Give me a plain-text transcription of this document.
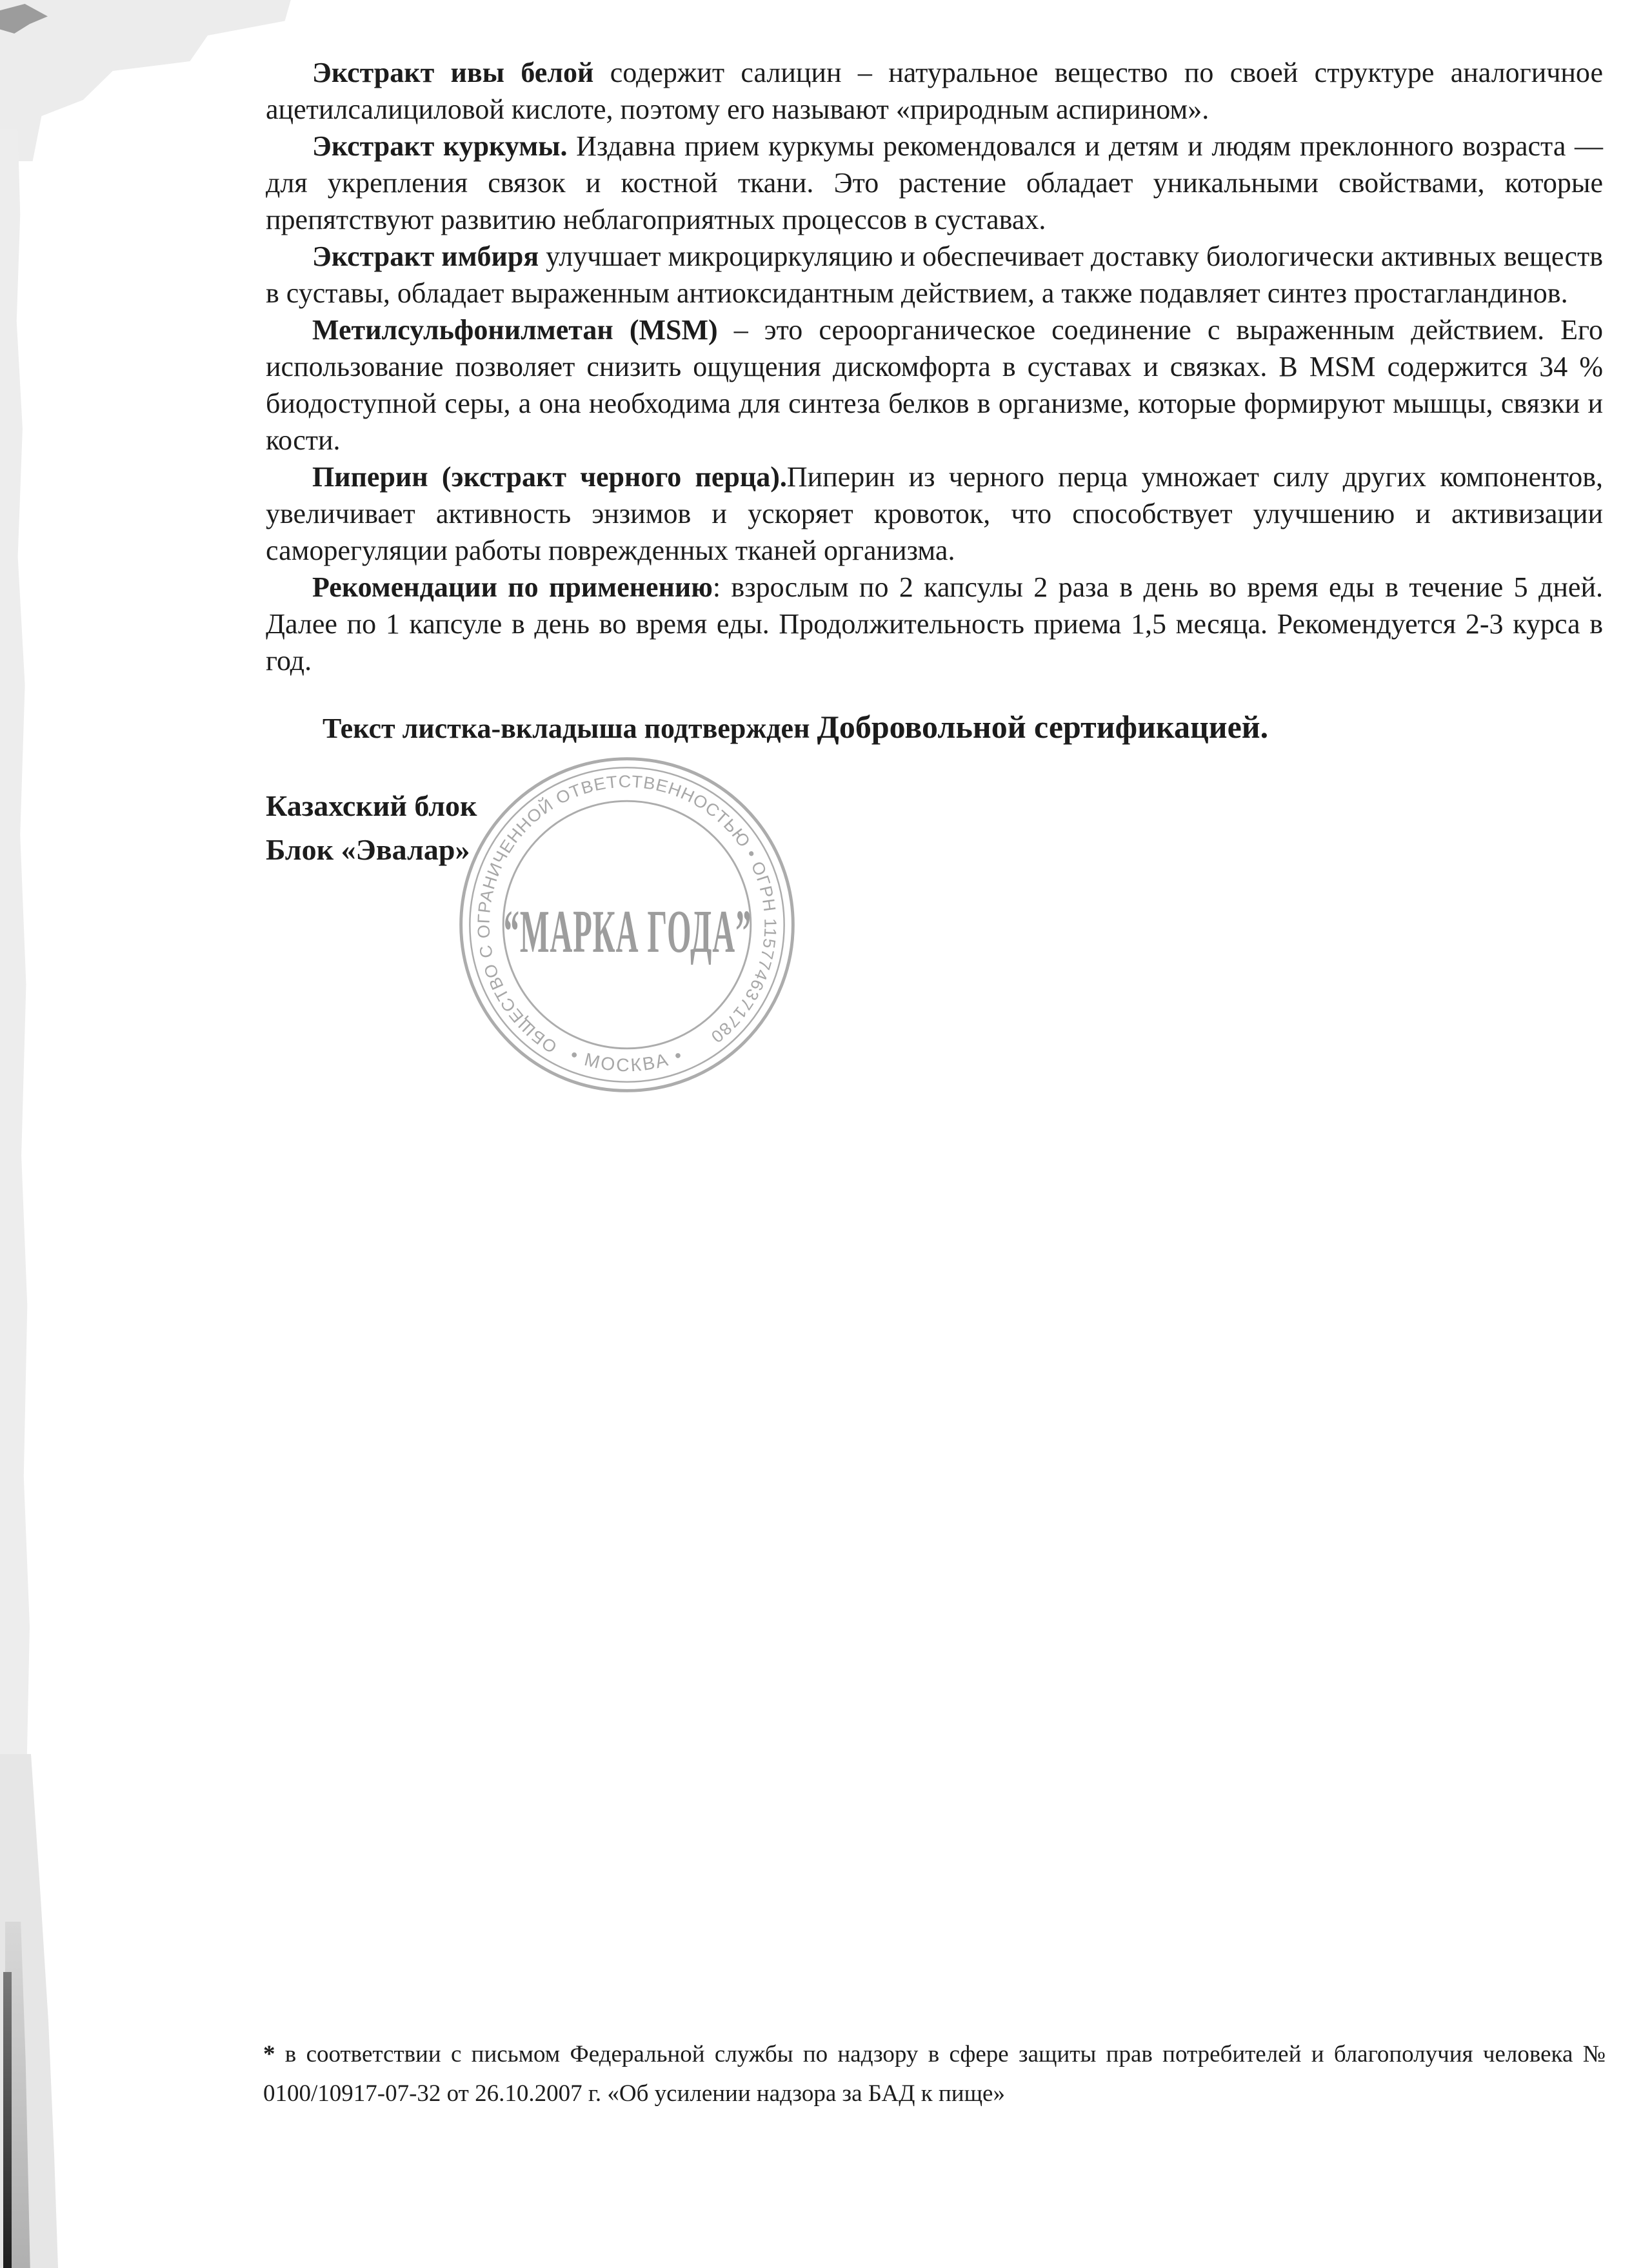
Экстракт ивы белой содержит салицин – натуральное вещество по своей структуре аналогичное ацетилсалициловой кислоте, поэтому его называют «природным аспирином».

Экстракт куркумы. Издавна прием куркумы рекомендовался и детям и людям преклонного возраста — для укрепления связок и костной ткани. Это растение обладает уникальными свойствами, которые препятствуют развитию неблагоприятных процессов в суставах.

Экстракт имбиря улучшает микроциркуляцию и обеспечивает доставку биологически активных веществ в суставы, обладает выраженным антиоксидантным действием, а также подавляет синтез простагландинов.

Метилсульфонилметан (MSM) – это сероорганическое соединение с выраженным действием. Его использование позволяет снизить ощущения дискомфорта в суставах и связках. В MSM содержится 34 % биодоступной серы, а она необходима для синтеза белков в организме, которые формируют мышцы, связки и кости.

Пиперин (экстракт черного перца).Пиперин из черного перца умножает силу других компонентов, увеличивает активность энзимов и ускоряет кровоток, что способствует улучшению и активизации саморегуляции работы поврежденных тканей организма.

Рекомендации по применению: взрослым по 2 капсулы 2 раза в день во время еды в течение 5 дней. Далее по 1 капсуле в день во время еды. Продолжительность приема 1,5 месяца. Рекомендуется 2-3 курса в год.

Текст листка-вкладыша подтвержден Добровольной сертификацией.

Казахский блок

Блок «Эвалар»

ОБЩЕСТВО С ОГРАНИЧЕННОЙ ОТВЕТСТВЕННОСТЬЮ • ОГРН 1157746371780
• МОСКВА •
“МАРКА ГОДА”
* в соответствии с письмом Федеральной службы по надзору в сфере защиты прав потребителей и благополучия человека № 0100/10917-07-32 от 26.10.2007 г. «Об усилении надзора за БАД к пище»
